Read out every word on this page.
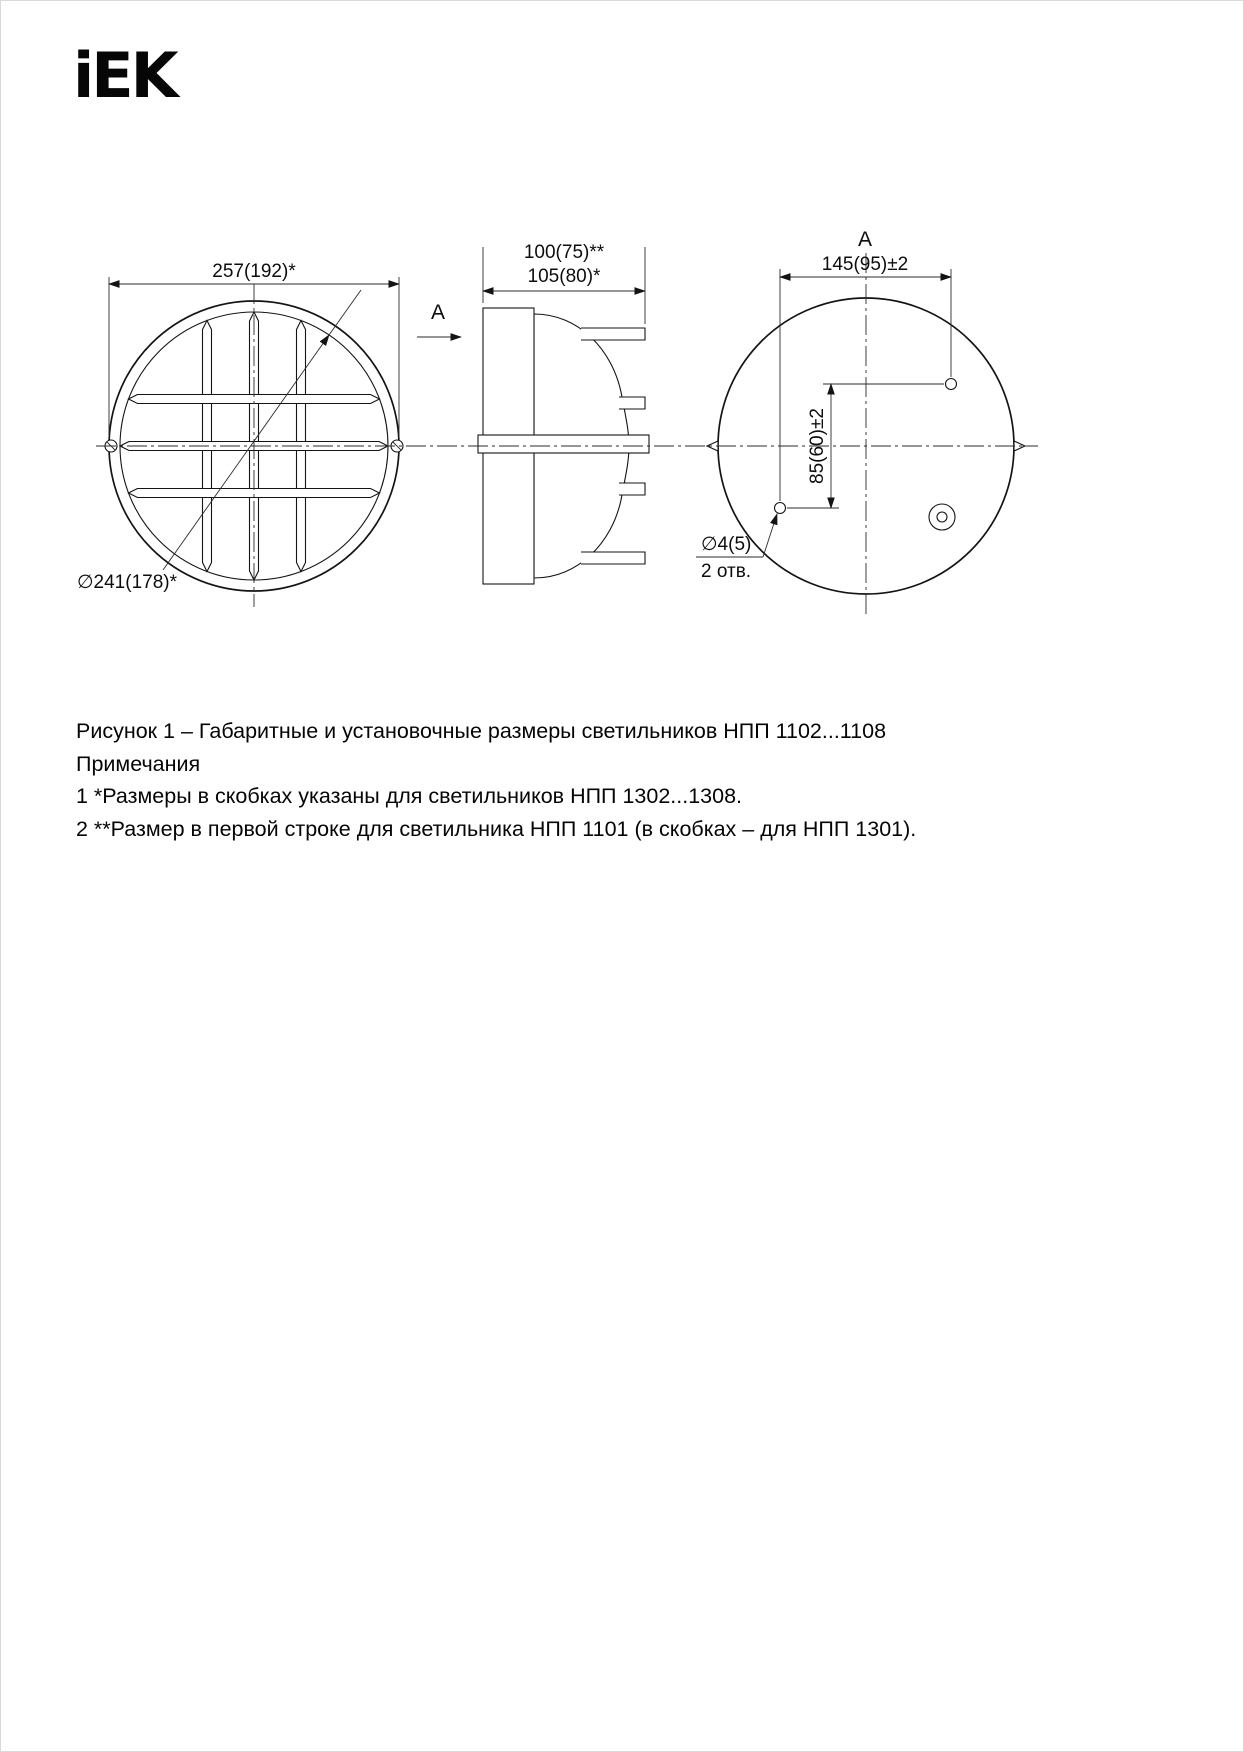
iEK
257(192)*
∅241(178)*
100(75)**
105(80)*
A
A
145(95)±2
85(60)±2
∅4(5)
2 отв.
Рисунок 1 – Габаритные и установочные размеры светильников НПП 1102...1108
Примечания
1 *Размеры в скобках указаны для светильников НПП 1302...1308.
2 **Размер в первой строке для светильника НПП 1101 (в скобках – для НПП 1301).
